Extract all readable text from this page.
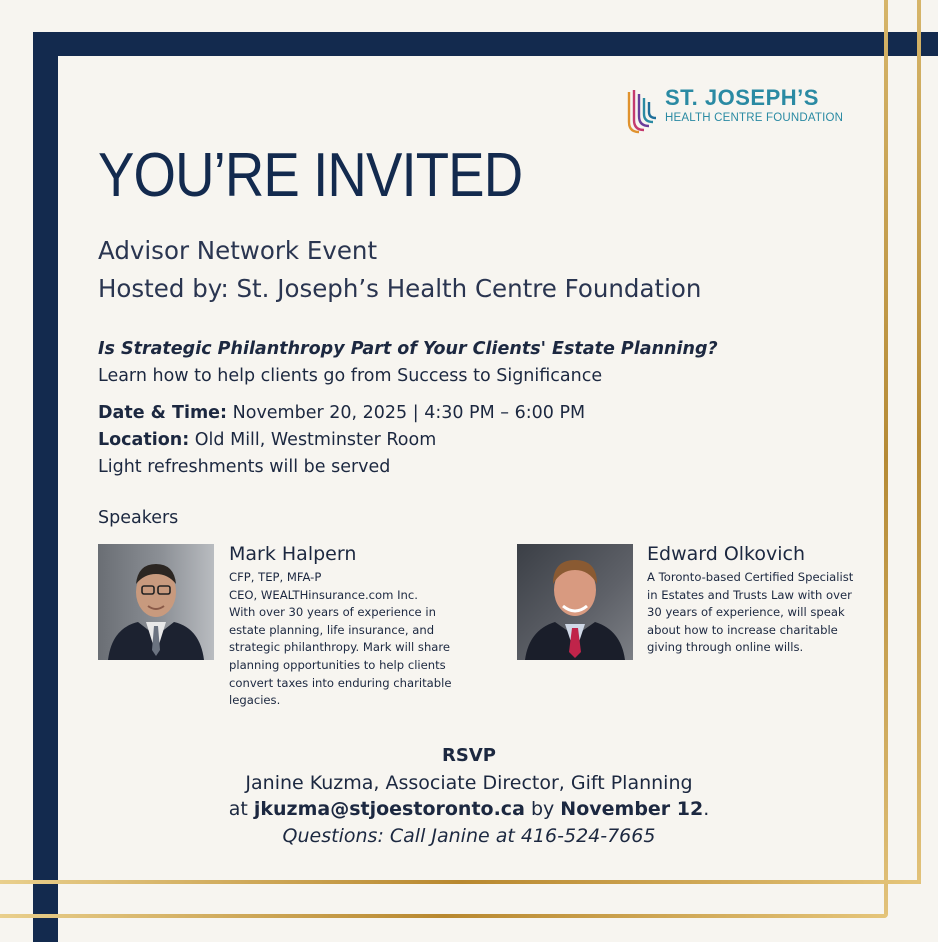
ST. JOSEPH’S
HEALTH CENTRE FOUNDATION
YOU’RE INVITED
Advisor Network Event
Hosted by: St. Joseph’s Health Centre Foundation
Is Strategic Philanthropy Part of Your Clients' Estate Planning?
Learn how to help clients go from Success to Significance
Date & Time: November 20, 2025 | 4:30 PM – 6:00 PM
Location: Old Mill, Westminster Room
Light refreshments will be served
Speakers
Mark Halpern
CFP, TEP, MFA-P
CEO, WEALTHinsurance.com Inc.
With over 30 years of experience in
estate planning, life insurance, and
strategic philanthropy. Mark will share
planning opportunities to help clients
convert taxes into enduring charitable
legacies.
Edward Olkovich
A Toronto-based Certified Specialist
in Estates and Trusts Law with over
30 years of experience, will speak
about how to increase charitable
giving through online wills.
RSVP
Janine Kuzma, Associate Director, Gift Planning
at jkuzma@stjoestoronto.ca by November 12.
Questions: Call Janine at 416-524-7665
